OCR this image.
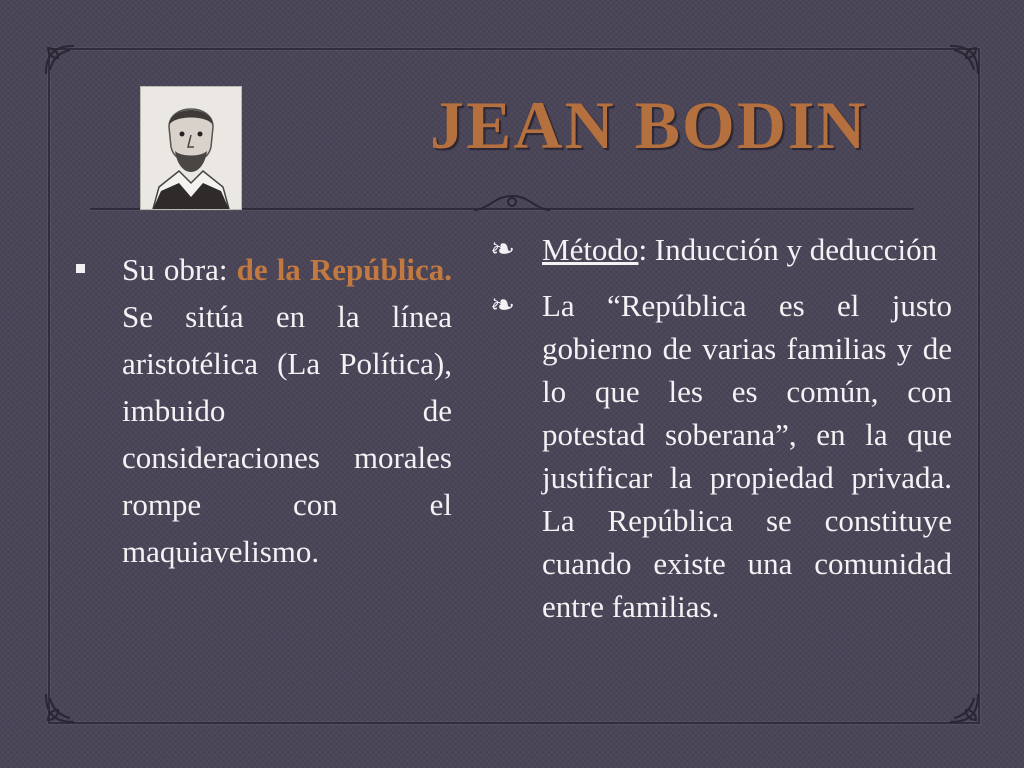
JEAN BODIN

Su obra: de la República. Se sitúa en la línea aristotélica (La Política), imbuido de consideraciones morales rompe con el maquiavelismo.

❧ Método: Inducción y deducción

❧ La “República es el justo gobierno de varias familias y de lo que les es común, con potestad soberana”, en la que justificar la propiedad privada. La República se constituye cuando existe una comunidad entre familias.
